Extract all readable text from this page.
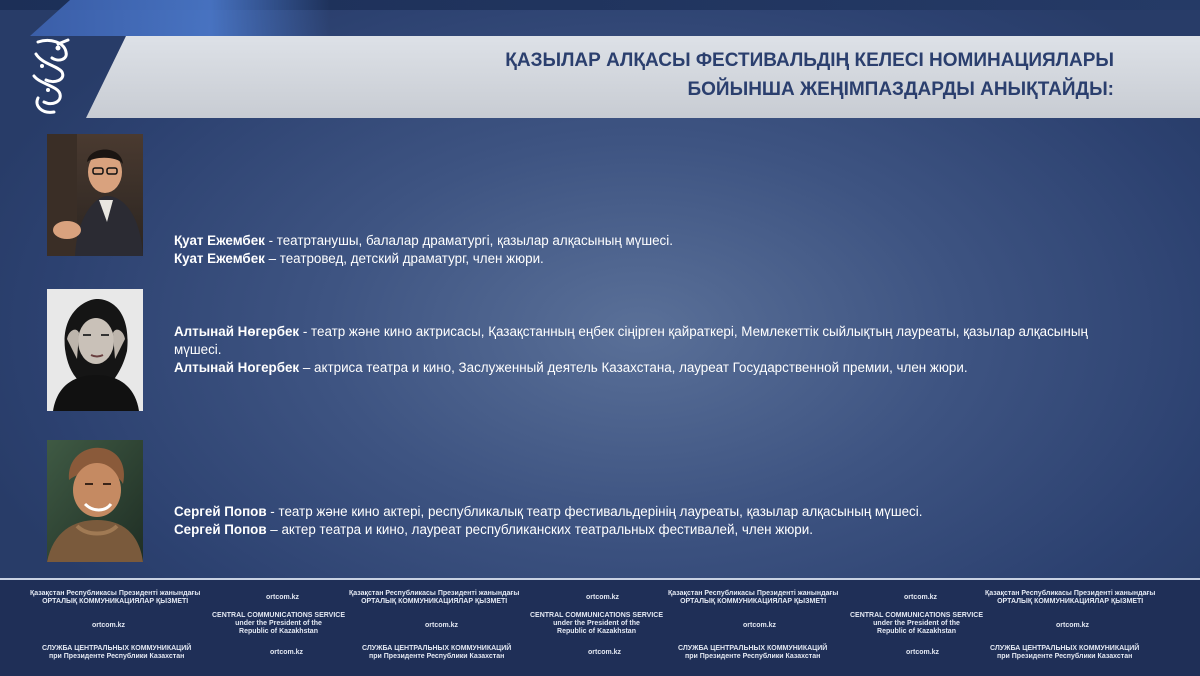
ҚАЗЫЛАР АЛҚАСЫ ФЕСТИВАЛЬДІҢ КЕЛЕСІ НОМИНАЦИЯЛАРЫ
БОЙЫНША ЖЕҢІМПАЗДАРДЫ АНЫҚТАЙДЫ:

Қуат Ежембек - театртанушы, балалар драматургі, қазылар алқасының мүшесі.

Куат Ежембек – театровед, детский драматург, член жюри.

Алтынай Нөгербек - театр және кино актрисасы, Қазақстанның еңбек сіңірген қайраткері, Мемлекеттік сыйлықтың лауреаты, қазылар алқасының мүшесі.

Алтынай Ногербек – актриса театра и кино, Заслуженный деятель Казахстана, лауреат Государственной премии, член жюри.

Сергей Попов - театр және кино актері, республикалық театр фестивальдерінің лауреаты, қазылар алқасының мүшесі.

Сергей Попов – актер театра и кино, лауреат республиканских театральных фестивалей, член жюри.

Қазақстан Республикасы Президенті жанындағы
ОРТАЛЫҚ КОММУНИКАЦИЯЛАР ҚЫЗМЕТІ
ortcom.kz
Қазақстан Республикасы Президенті жанындағы
ОРТАЛЫҚ КОММУНИКАЦИЯЛАР ҚЫЗМЕТІ
ortcom.kz
Қазақстан Республикасы Президенті жанындағы
ОРТАЛЫҚ КОММУНИКАЦИЯЛАР ҚЫЗМЕТІ
ortcom.kz
Қазақстан Республикасы Президенті жанындағы
ОРТАЛЫҚ КОММУНИКАЦИЯЛАР ҚЫЗМЕТІ
ortcom.kz
CENTRAL COMMUNICATIONS SERVICE
under the President of the
Republic of Kazakhstan
ortcom.kz
CENTRAL COMMUNICATIONS SERVICE
under the President of the
Republic of Kazakhstan
ortcom.kz
CENTRAL COMMUNICATIONS SERVICE
under the President of the
Republic of Kazakhstan
ortcom.kz
СЛУЖБА ЦЕНТРАЛЬНЫХ КОММУНИКАЦИЙ
при Президенте Республики Казахстан
ortcom.kz
СЛУЖБА ЦЕНТРАЛЬНЫХ КОММУНИКАЦИЙ
при Президенте Республики Казахстан
ortcom.kz
СЛУЖБА ЦЕНТРАЛЬНЫХ КОММУНИКАЦИЙ
при Президенте Республики Казахстан
ortcom.kz
СЛУЖБА ЦЕНТРАЛЬНЫХ КОММУНИКАЦИЙ
при Президенте Республики Казахстан
